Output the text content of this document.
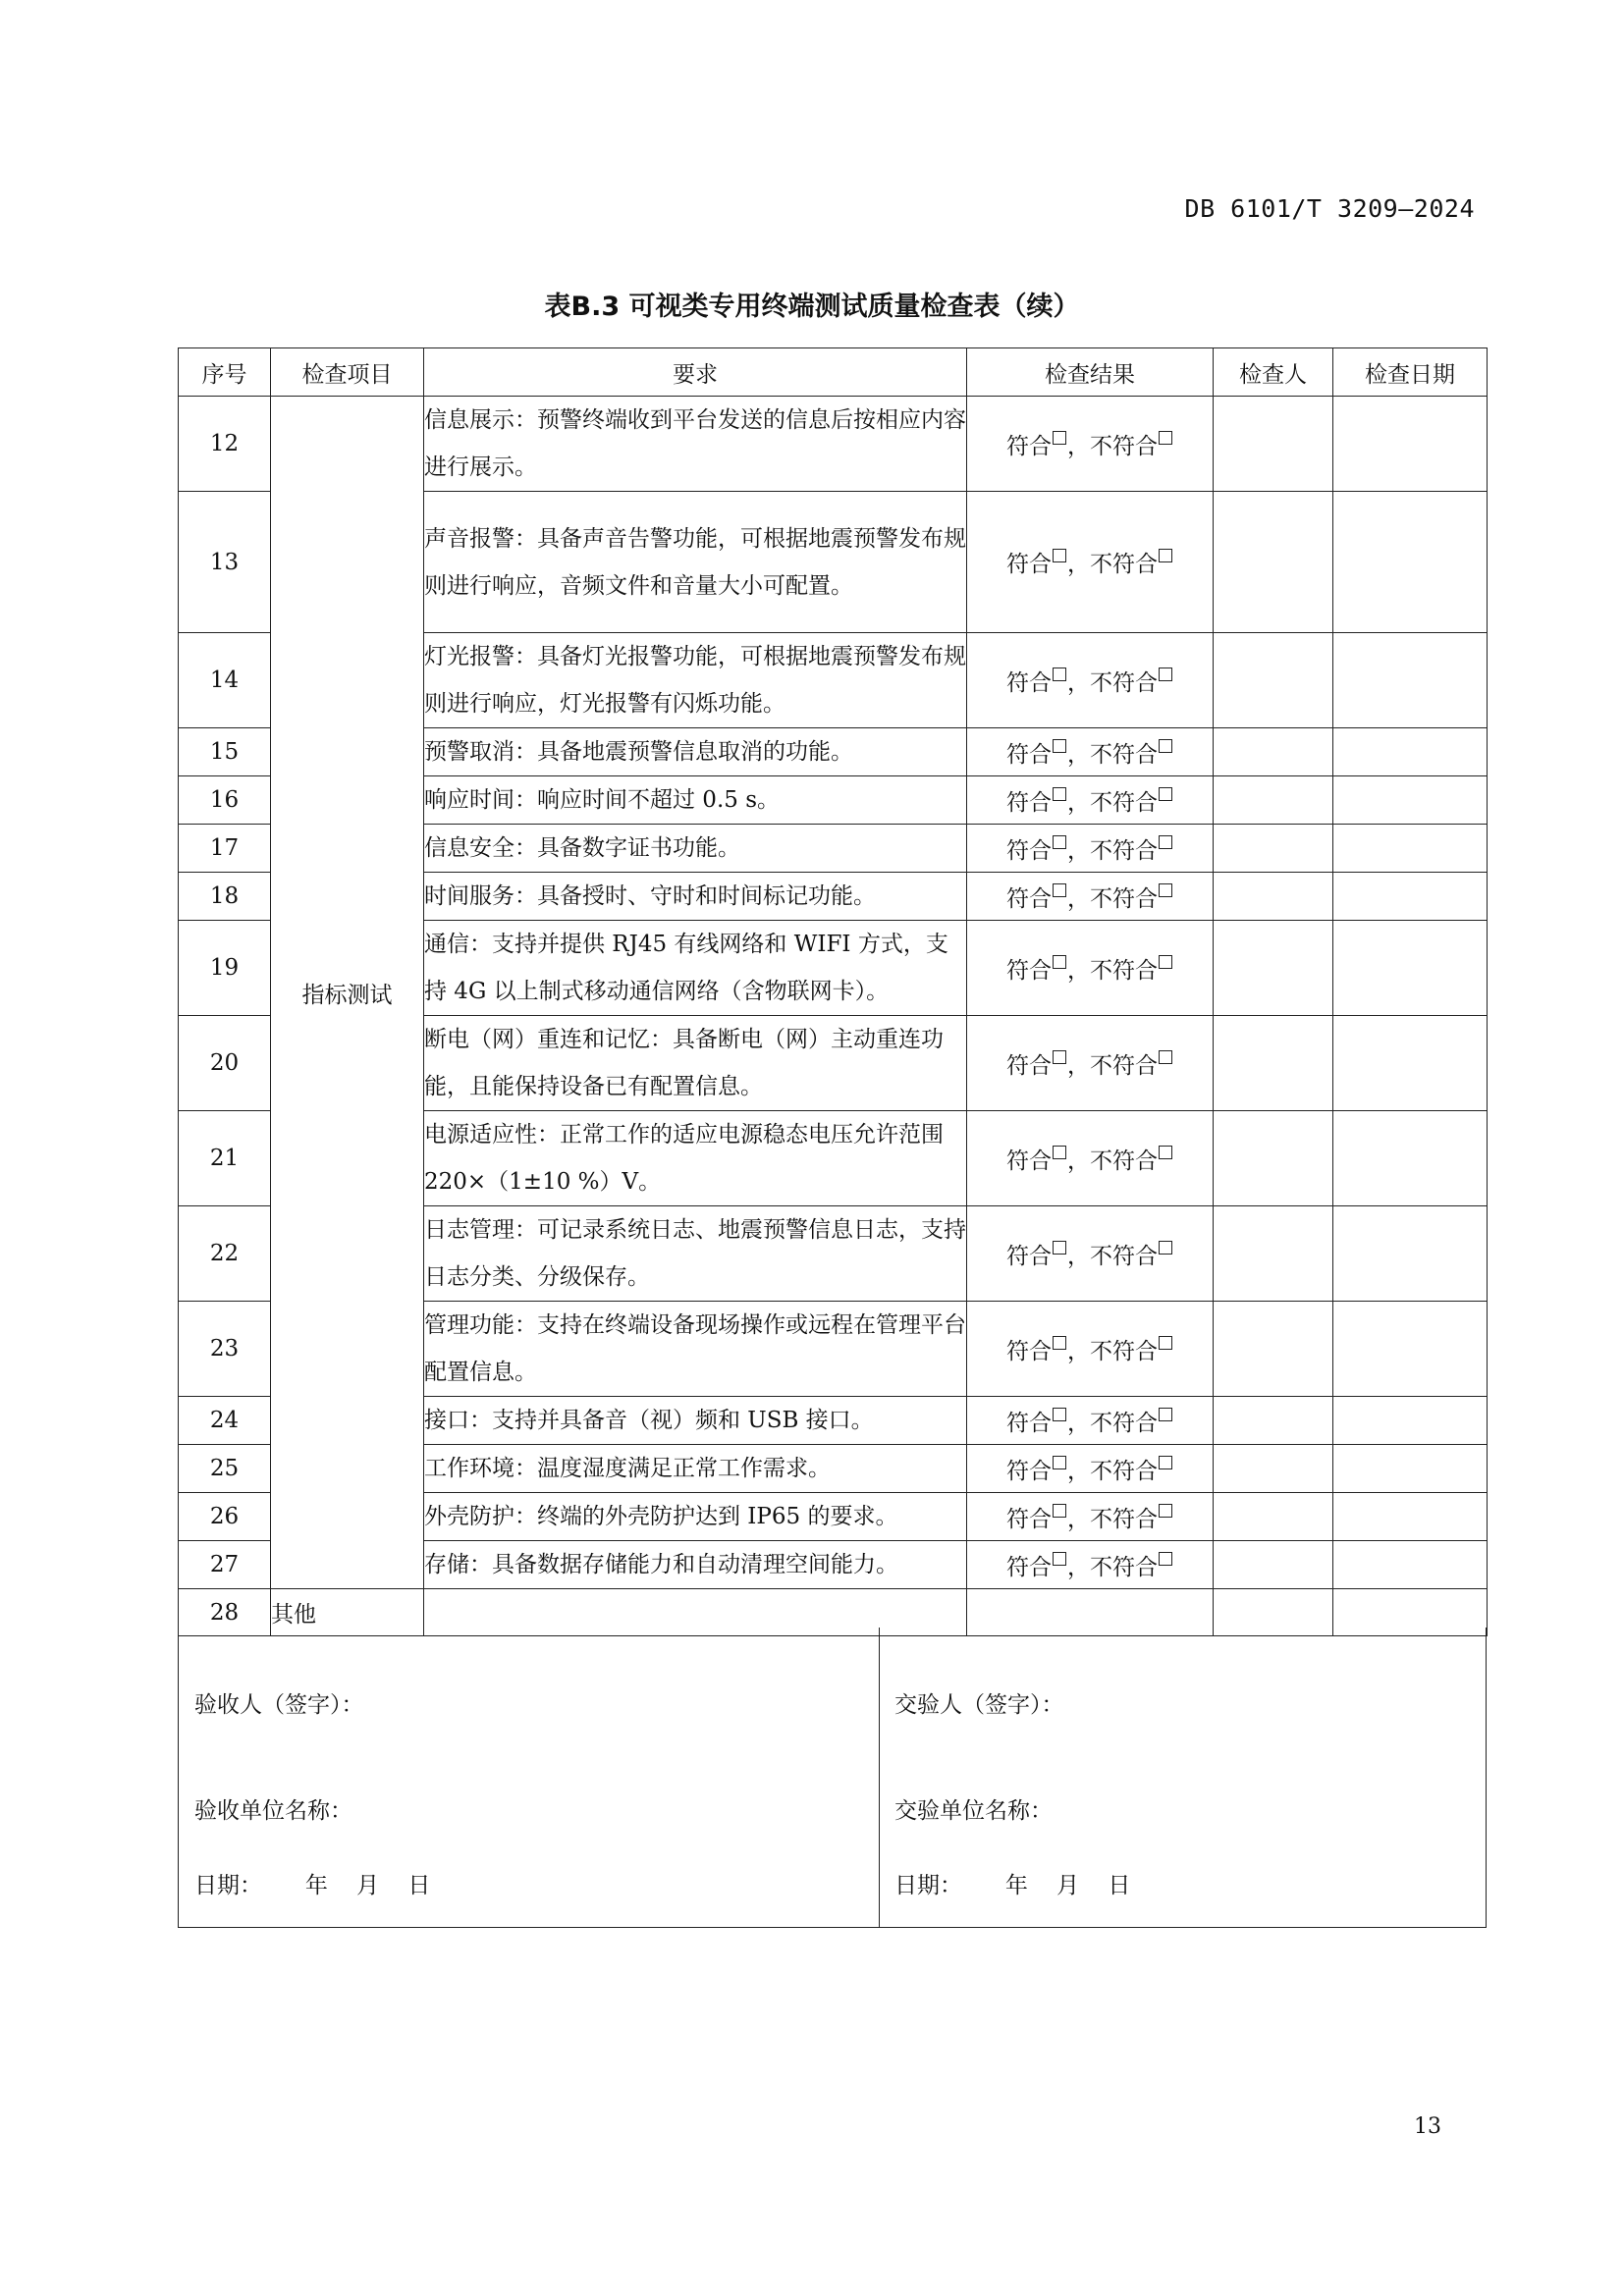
DB 6101/T 3209—2024
表B.3 可视类专用终端测试质量检查表（续）
序号	检查项目	要求	检查结果	检查人	检查日期
12	指标测试	信息展示：预警终端收到平台发送的信息后按相应内容进行展示。	符合 ，不符合		
13		声音报警：具备声音告警功能，可根据地震预警发布规则进行响应，音频文件和音量大小可配置。	符合 ，不符合		
14		灯光报警：具备灯光报警功能，可根据地震预警发布规则进行响应，灯光报警有闪烁功能。	符合 ，不符合		
15		预警取消：具备地震预警信息取消的功能。	符合 ，不符合		
16		响应时间：响应时间不超过 0.5 s。	符合 ，不符合		
17		信息安全：具备数字证书功能。	符合 ，不符合		
18		时间服务：具备授时、守时和时间标记功能。	符合 ，不符合		
19		通信：支持并提供 RJ45 有线网络和 WIFI 方式，支持 4G 以上制式移动通信网络（含物联网卡）。	符合 ，不符合		
20		断电（网）重连和记忆：具备断电（网）主动重连功能，且能保持设备已有配置信息。	符合 ，不符合		
21		电源适应性：正常工作的适应电源稳态电压允许范围 220×（1±10 %）V。	符合 ，不符合		
22		日志管理：可记录系统日志、地震预警信息日志，支持日志分类、分级保存。	符合 ，不符合		
23		管理功能：支持在终端设备现场操作或远程在管理平台配置信息。	符合 ，不符合		
24		接口：支持并具备音（视）频和 USB 接口。	符合 ，不符合		
25		工作环境：温度湿度满足正常工作需求。	符合 ，不符合		
26		外壳防护：终端的外壳防护达到 IP65 的要求。	符合 ，不符合		
27		存储：具备数据存储能力和自动清理空间能力。	符合 ，不符合		
28	其他				
验收人（签字）：
验收单位名称：
日期：      年    月    日
交验人（签字）：
交验单位名称：
日期：      年    月    日
13
